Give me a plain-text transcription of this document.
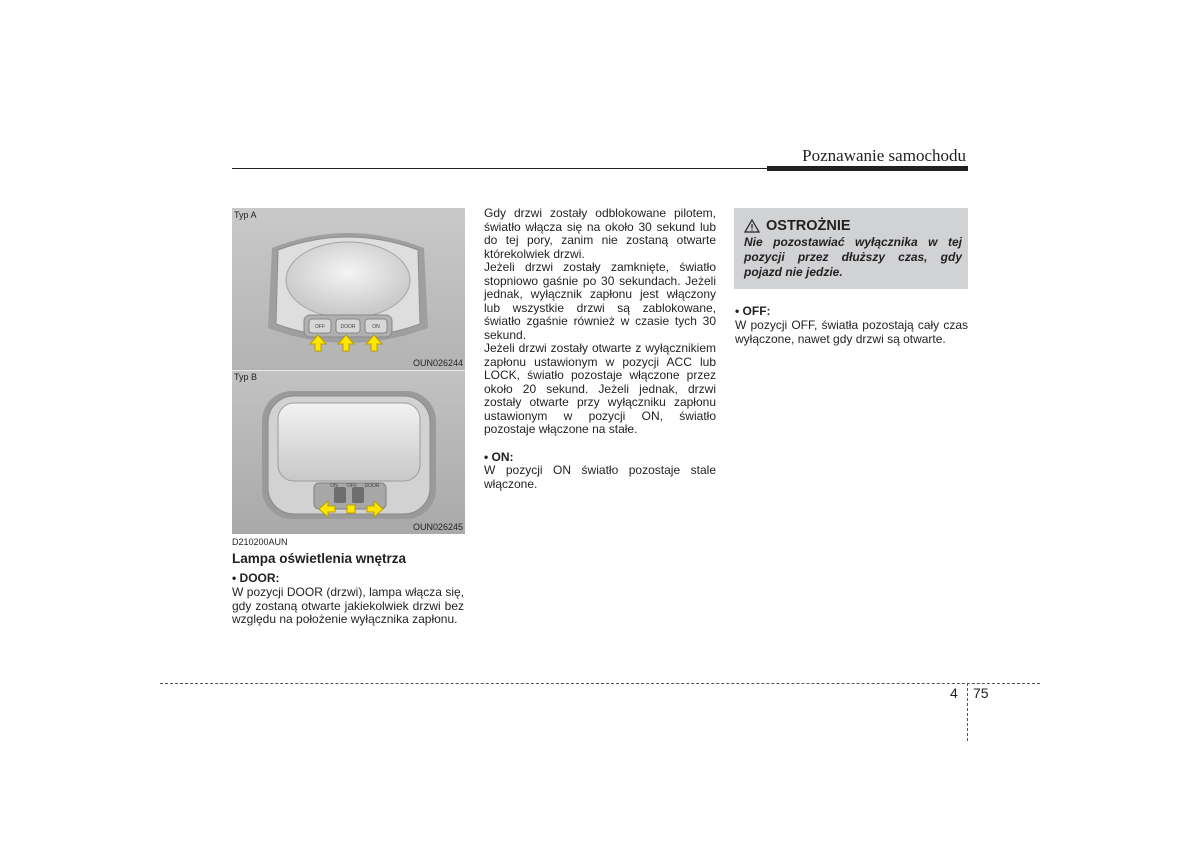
Poznawanie samochodu
OFF	DOOR	ON
Typ A
OUN026244
ON OFF DOOR
Typ B
OUN026245
D210200AUN
Lampa oświetlenia wnętrza
• DOOR:

W pozycji DOOR (drzwi), lampa włącza się, gdy zostaną otwarte jakiekolwiek drzwi bez względu na położenie wyłącznika zapłonu.

Gdy drzwi zostały odblokowane pilotem, światło włącza się na około 30 sekund lub do tej pory, zanim nie zostaną otwarte którekolwiek drzwi.

Jeżeli drzwi zostały zamknięte, światło stopniowo gaśnie po 30 sekundach. Jeżeli jednak, wyłącznik zapłonu jest włączony lub wszystkie drzwi są zablokowane, światło zgaśnie również w czasie tych 30 sekund.

Jeżeli drzwi zostały otwarte z wyłącznikiem zapłonu ustawionym w pozycji ACC lub LOCK, światło pozostaje włączone przez około 20 sekund. Jeżeli jednak, drzwi zostały otwarte przy wyłączniku zapłonu ustawionym w pozycji ON, światło pozostaje włączone na stałe.

• ON:

W pozycji ON światło pozostaje stale włączone.

OSTROŻNIE
Nie pozostawiać wyłącznika w tej pozycji przez dłuższy czas, gdy pojazd nie jedzie.
• OFF:

W pozycji OFF, światła pozostają cały czas wyłączone, nawet gdy drzwi są otwarte.

4 75
